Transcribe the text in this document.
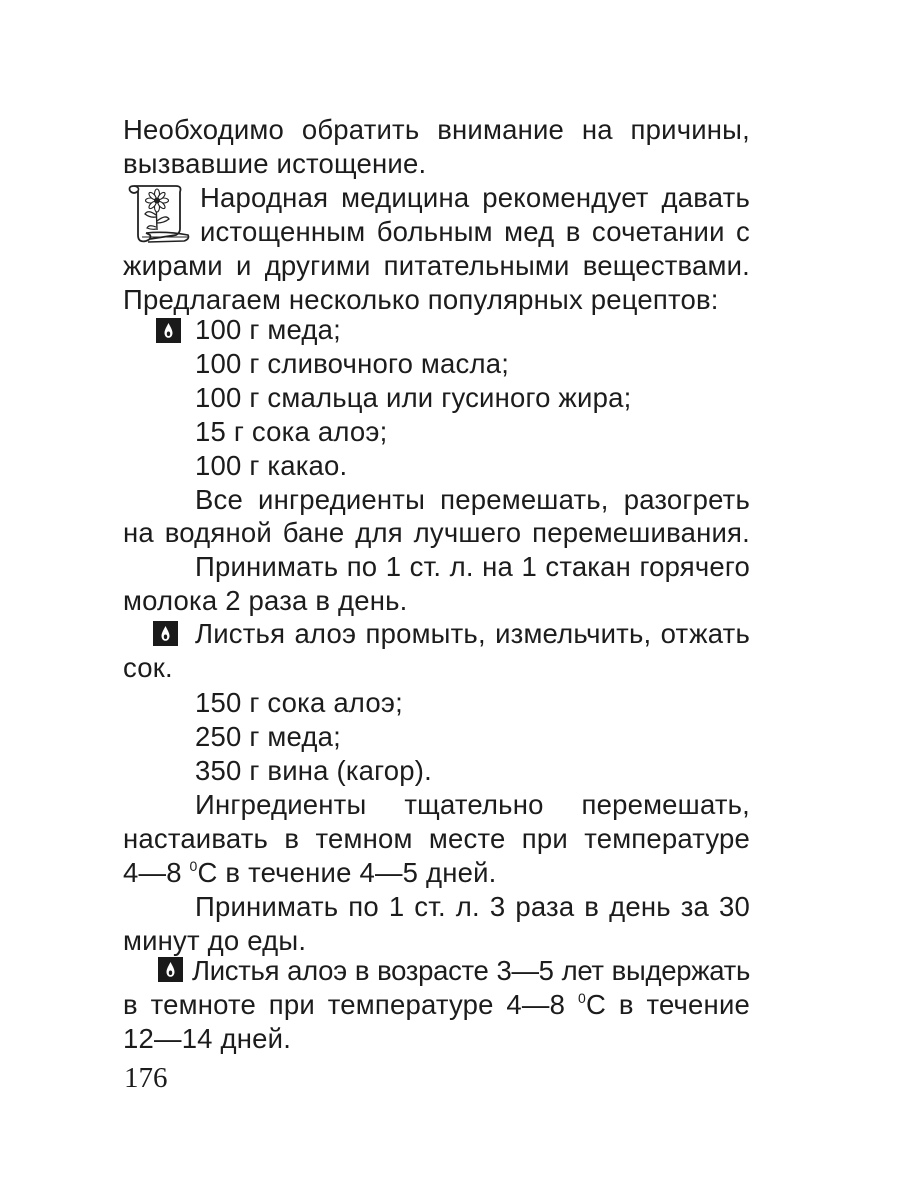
Необходимо обратить внимание на причины,
вызвавшие истощение.
Народная медицина рекомендует давать
истощенным больным мед в сочетании с
жирами и другими питательными веществами.
Предлагаем несколько популярных рецептов:
100 г меда;
100 г сливочного масла;
100 г смальца или гусиного жира;
15 г сока алоэ;
100 г какао.
Все ингредиенты перемешать, разогреть
на водяной бане для лучшего перемешивания.
Принимать по 1 ст. л. на 1 стакан горячего
молока 2 раза в день.
Листья алоэ промыть, измельчить, отжать
сок.
150 г сока алоэ;
250 г меда;
350 г вина (кагор).
Ингредиенты тщательно перемешать,
настаивать в темном месте при температуре
4—8 $^0$С в течение 4—5 дней.
Принимать по 1 ст. л. 3 раза в день за 30
минут до еды.
Листья алоэ в возрасте 3—5 лет выдержать
в темноте при температуре 4—8 $^0$С в течение
12—14 дней.
176
